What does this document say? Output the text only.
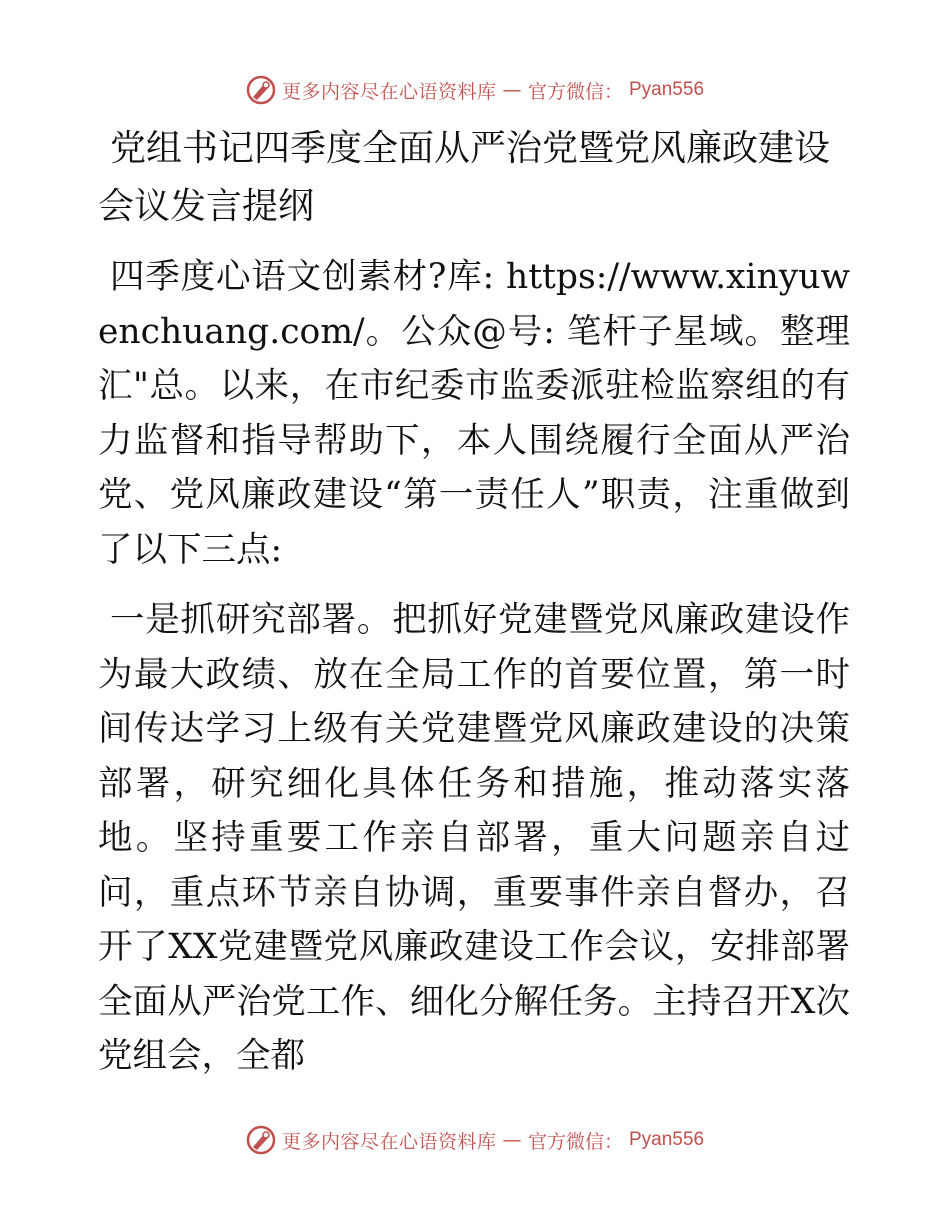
更多内容尽在心语资料库 — 官方微信： Pyan556
党组书记四季度全面从严治党暨党风廉政建设会议发言提纲

四季度心语文创素材?库: https://www.xinyuwenchuang.com/。公众@号: 笔杆子星域。整理汇"总。以来，在市纪委市监委派驻检监察组的有力监督和指导帮助下，本人围绕履行全面从严治党、党风廉政建设“第一责任人”职责，注重做到了以下三点:

一是抓研究部署。把抓好党建暨党风廉政建设作为最大政绩、放在全局工作的首要位置，第一时间传达学习上级有关党建暨党风廉政建设的决策部署，研究细化具体任务和措施，推动落实落地。坚持重要工作亲自部署，重大问题亲自过问，重点环节亲自协调，重要事件亲自督办，召开了XX党建暨党风廉政建设工作会议，安排部署全面从严治党工作、细化分解任务。主持召开X次党组会，全都

更多内容尽在心语资料库 — 官方微信： Pyan556
